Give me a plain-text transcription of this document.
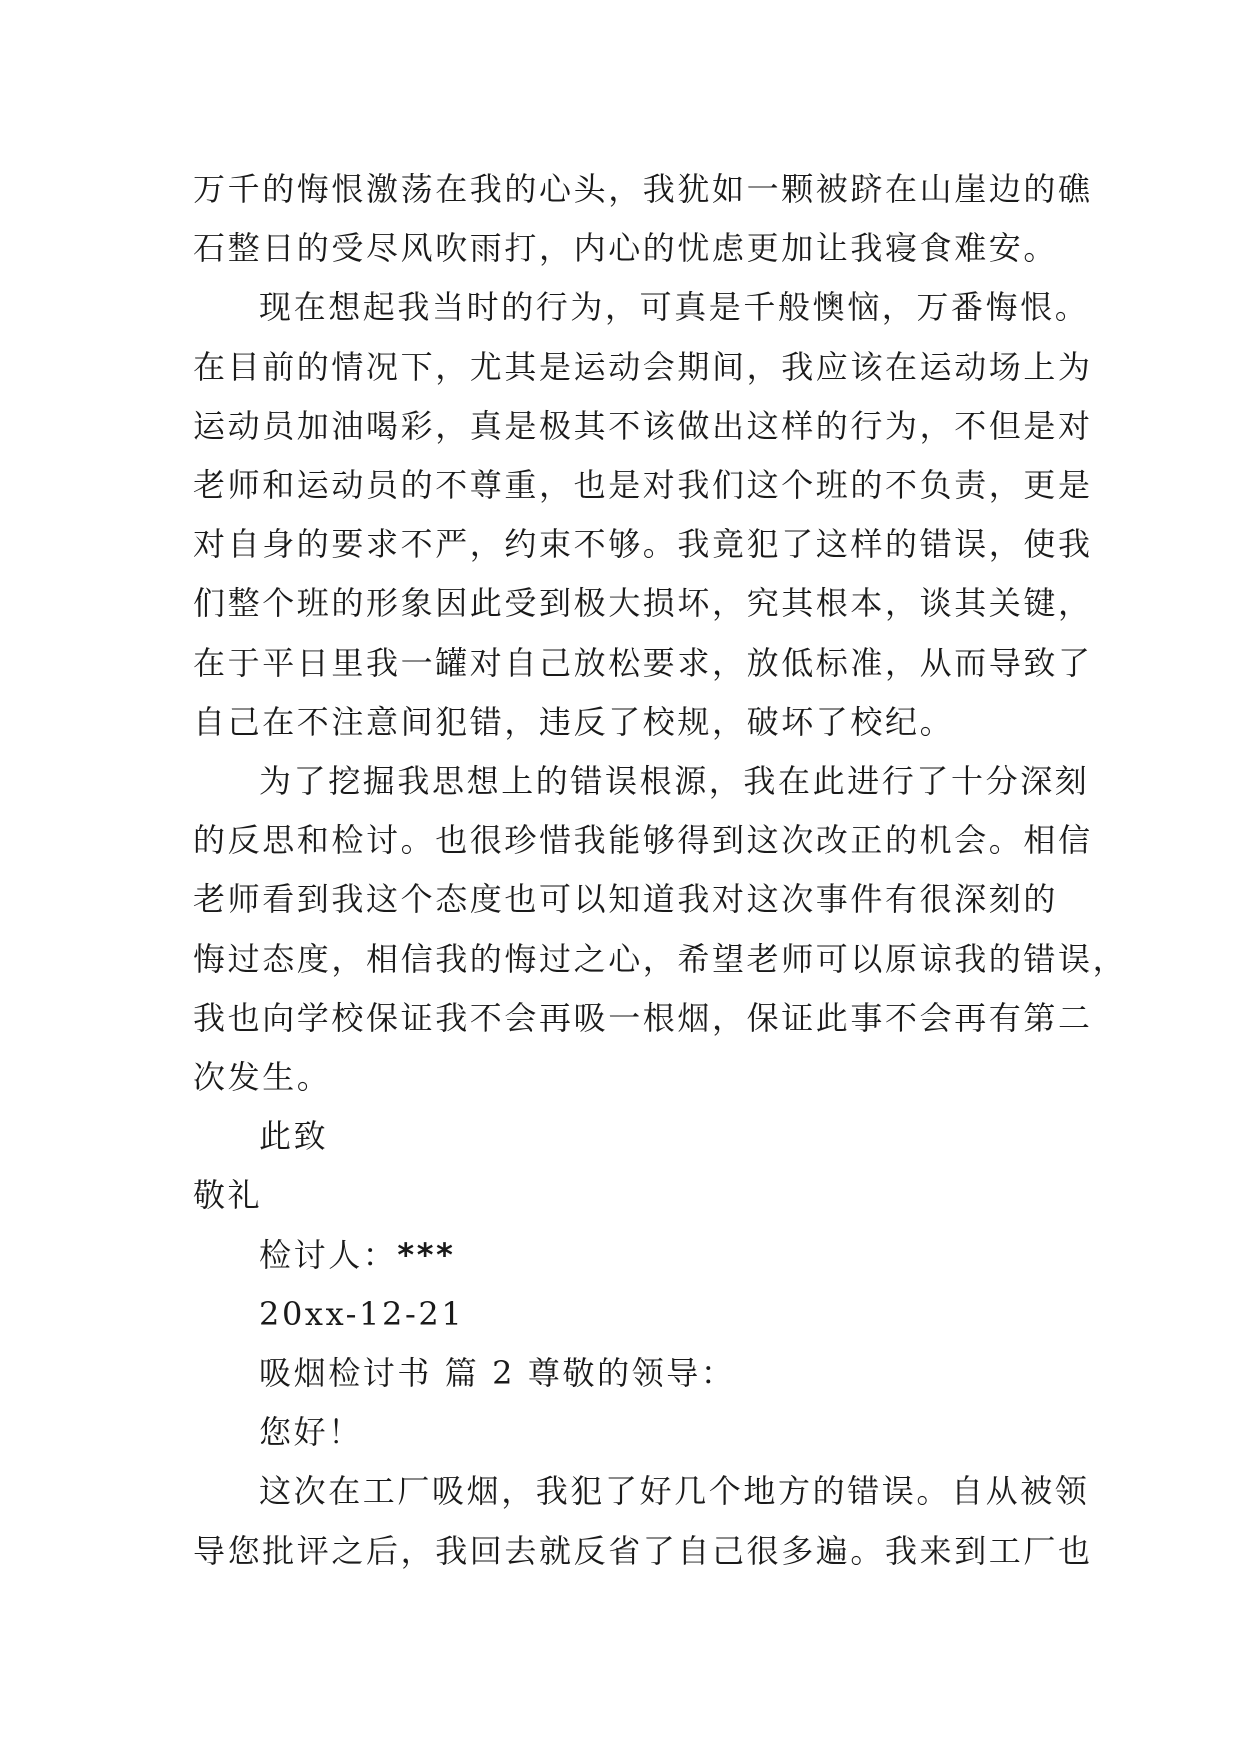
万千的悔恨激荡在我的心头，我犹如一颗被跻在山崖边的礁
石整日的受尽风吹雨打，内心的忧虑更加让我寝食难安。
现在想起我当时的行为，可真是千般懊恼，万番悔恨。
在目前的情况下，尤其是运动会期间，我应该在运动场上为
运动员加油喝彩，真是极其不该做出这样的行为，不但是对
老师和运动员的不尊重，也是对我们这个班的不负责，更是
对自身的要求不严，约束不够。我竟犯了这样的错误，使我
们整个班的形象因此受到极大损坏，究其根本，谈其关键，
在于平日里我一罐对自己放松要求，放低标准，从而导致了
自己在不注意间犯错，违反了校规，破坏了校纪。
为了挖掘我思想上的错误根源，我在此进行了十分深刻
的反思和检讨。也很珍惜我能够得到这次改正的机会。相信
老师看到我这个态度也可以知道我对这次事件有很深刻的
悔过态度，相信我的悔过之心，希望老师可以原谅我的错误，
我也向学校保证我不会再吸一根烟，保证此事不会再有第二
次发生。
此致
敬礼
检讨人：***
20xx-12-21
吸烟检讨书 篇 2 尊敬的领导：
您好！
这次在工厂吸烟，我犯了好几个地方的错误。自从被领
导您批评之后，我回去就反省了自己很多遍。我来到工厂也
